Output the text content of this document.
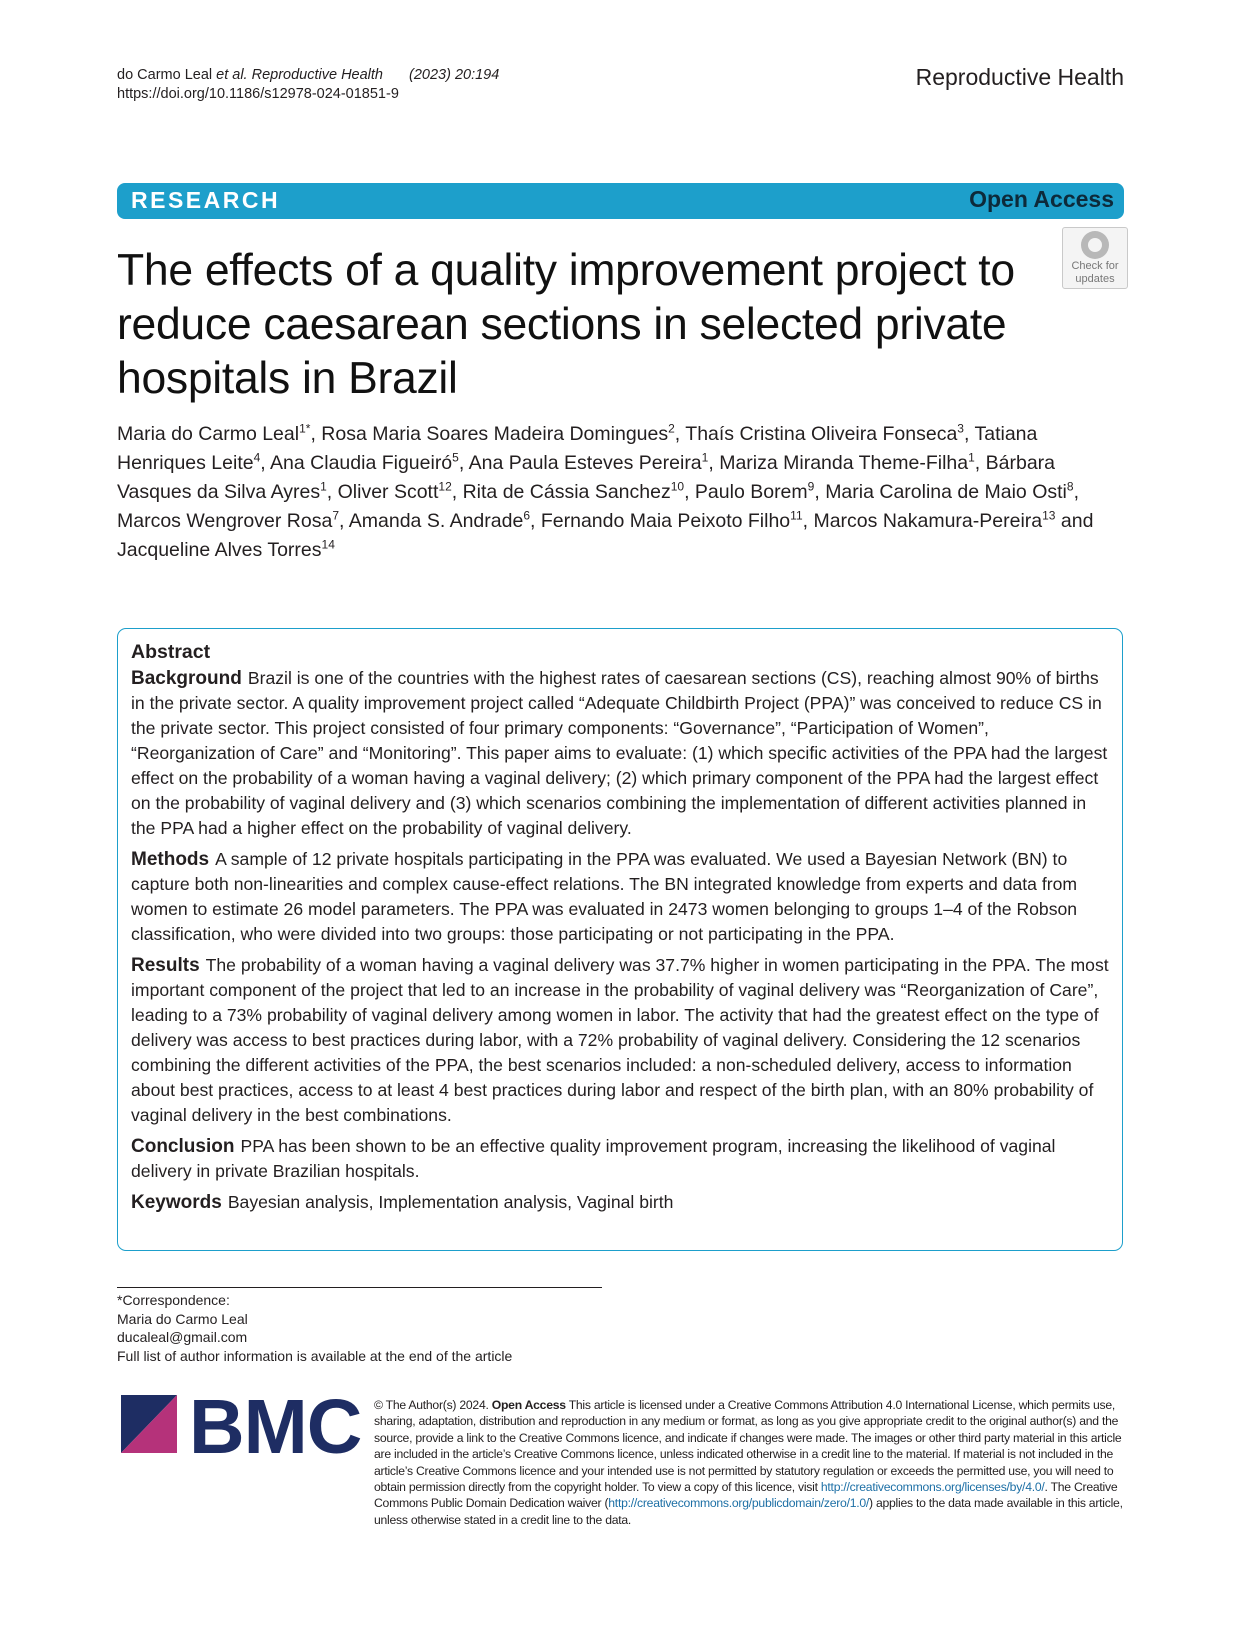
do Carmo Leal et al. Reproductive Health (2023) 20:194
https://doi.org/10.1186/s12978-024-01851-9
Reproductive Health
RESEARCH	Open Access
The effects of a quality improvement project to reduce caesarean sections in selected private hospitals in Brazil
Check for
updates
Maria do Carmo Leal$^{1*}$, Rosa Maria Soares Madeira Domingues$^2$, Thaís Cristina Oliveira Fonseca$^3$, Tatiana Henriques Leite$^4$, Ana Claudia Figueiró$^5$, Ana Paula Esteves Pereira$^1$, Mariza Miranda Theme-Filha$^1$, Bárbara Vasques da Silva Ayres$^1$, Oliver Scott$^{12}$, Rita de Cássia Sanchez$^{10}$, Paulo Borem$^9$, Maria Carolina de Maio Osti$^8$, Marcos Wengrover Rosa$^7$, Amanda S. Andrade$^6$, Fernando Maia Peixoto Filho$^{11}$, Marcos Nakamura-Pereira$^{13}$ and Jacqueline Alves Torres$^{14}$
Abstract

Background Brazil is one of the countries with the highest rates of caesarean sections (CS), reaching almost 90% of births in the private sector. A quality improvement project called “Adequate Childbirth Project (PPA)” was conceived to reduce CS in the private sector. This project consisted of four primary components: “Governance”, “Participation of Women”, “Reorganization of Care” and “Monitoring”. This paper aims to evaluate: (1) which specific activities of the PPA had the largest effect on the probability of a woman having a vaginal delivery; (2) which primary component of the PPA had the largest effect on the probability of vaginal delivery and (3) which scenarios combining the implementation of different activities planned in the PPA had a higher effect on the probability of vaginal delivery.

Methods A sample of 12 private hospitals participating in the PPA was evaluated. We used a Bayesian Network (BN) to capture both non-linearities and complex cause-effect relations. The BN integrated knowledge from experts and data from women to estimate 26 model parameters. The PPA was evaluated in 2473 women belonging to groups 1–4 of the Robson classification, who were divided into two groups: those participating or not participating in the PPA.

Results The probability of a woman having a vaginal delivery was 37.7% higher in women participating in the PPA. The most important component of the project that led to an increase in the probability of vaginal delivery was “Reorganization of Care”, leading to a 73% probability of vaginal delivery among women in labor. The activity that had the greatest effect on the type of delivery was access to best practices during labor, with a 72% probability of vaginal delivery. Considering the 12 scenarios combining the different activities of the PPA, the best scenarios included: a non-scheduled delivery, access to information about best practices, access to at least 4 best practices during labor and respect of the birth plan, with an 80% probability of vaginal delivery in the best combinations.

Conclusion PPA has been shown to be an effective quality improvement program, increasing the likelihood of vaginal delivery in private Brazilian hospitals.

Keywords Bayesian analysis, Implementation analysis, Vaginal birth

*Correspondence:
Maria do Carmo Leal
ducaleal@gmail.com
Full list of author information is available at the end of the article
BMC © The Author(s) 2024. Open Access This article is licensed under a Creative Commons Attribution 4.0 International License, which permits use, sharing, adaptation, distribution and reproduction in any medium or format, as long as you give appropriate credit to the original author(s) and the source, provide a link to the Creative Commons licence, and indicate if changes were made. The images or other third party material in this article are included in the article’s Creative Commons licence, unless indicated otherwise in a credit line to the material. If material is not included in the article’s Creative Commons licence and your intended use is not permitted by statutory regulation or exceeds the permitted use, you will need to obtain permission directly from the copyright holder. To view a copy of this licence, visit http://creativecommons.org/licenses/by/4.0/. The Creative Commons Public Domain Dedication waiver (http://creativecommons.org/publicdomain/zero/1.0/) applies to the data made available in this article, unless otherwise stated in a credit line to the data.
